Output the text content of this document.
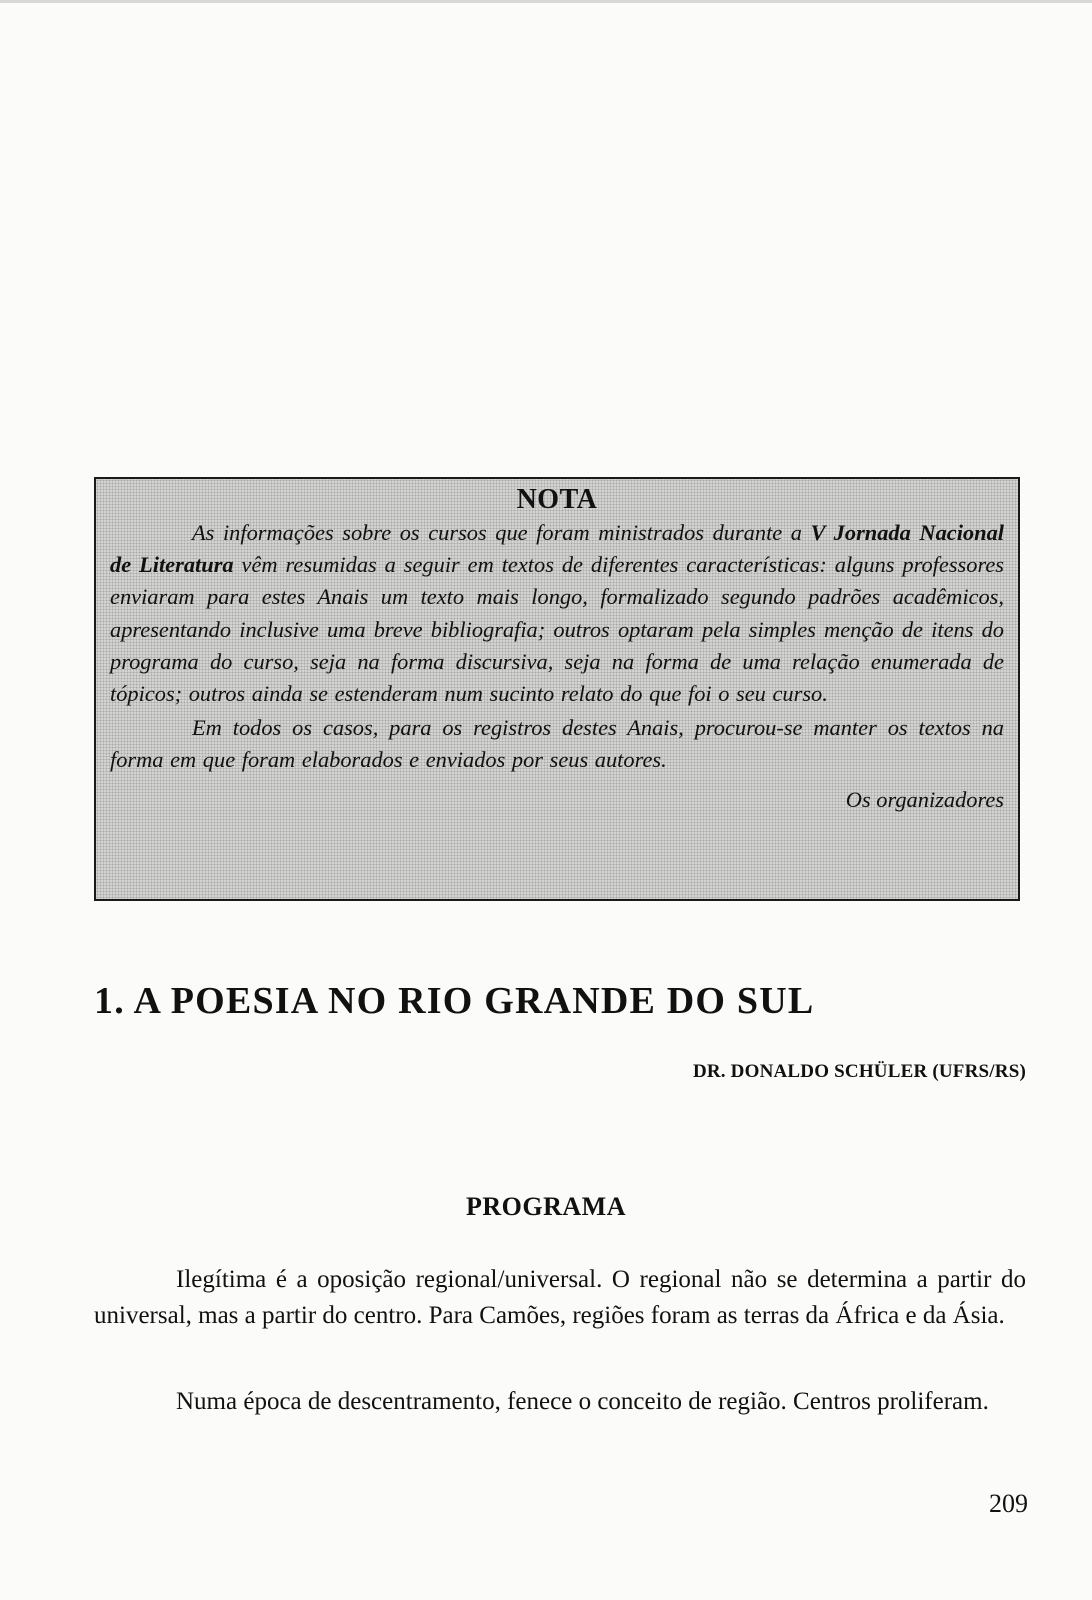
NOTA

As informações sobre os cursos que foram ministrados durante a V Jornada Nacional de Literatura vêm resumidas a seguir em textos de diferentes características: alguns professores enviaram para estes Anais um texto mais longo, formalizado segundo padrões acadêmicos, apresentando inclusive uma breve bibliografia; outros optaram pela simples menção de itens do programa do curso, seja na forma discursiva, seja na forma de uma relação enumerada de tópicos; outros ainda se estenderam num sucinto relato do que foi o seu curso.

Em todos os casos, para os registros destes Anais, procurou-se manter os textos na forma em que foram elaborados e enviados por seus autores.

Os organizadores

1. A POESIA NO RIO GRANDE DO SUL

DR. DONALDO SCHÜLER (UFRS/RS)

PROGRAMA

Ilegítima é a oposição regional/universal. O regional não se determina a partir do universal, mas a partir do centro. Para Camões, regiões foram as terras da África e da Ásia.

Numa época de descentramento, fenece o conceito de região. Centros proliferam.

209
